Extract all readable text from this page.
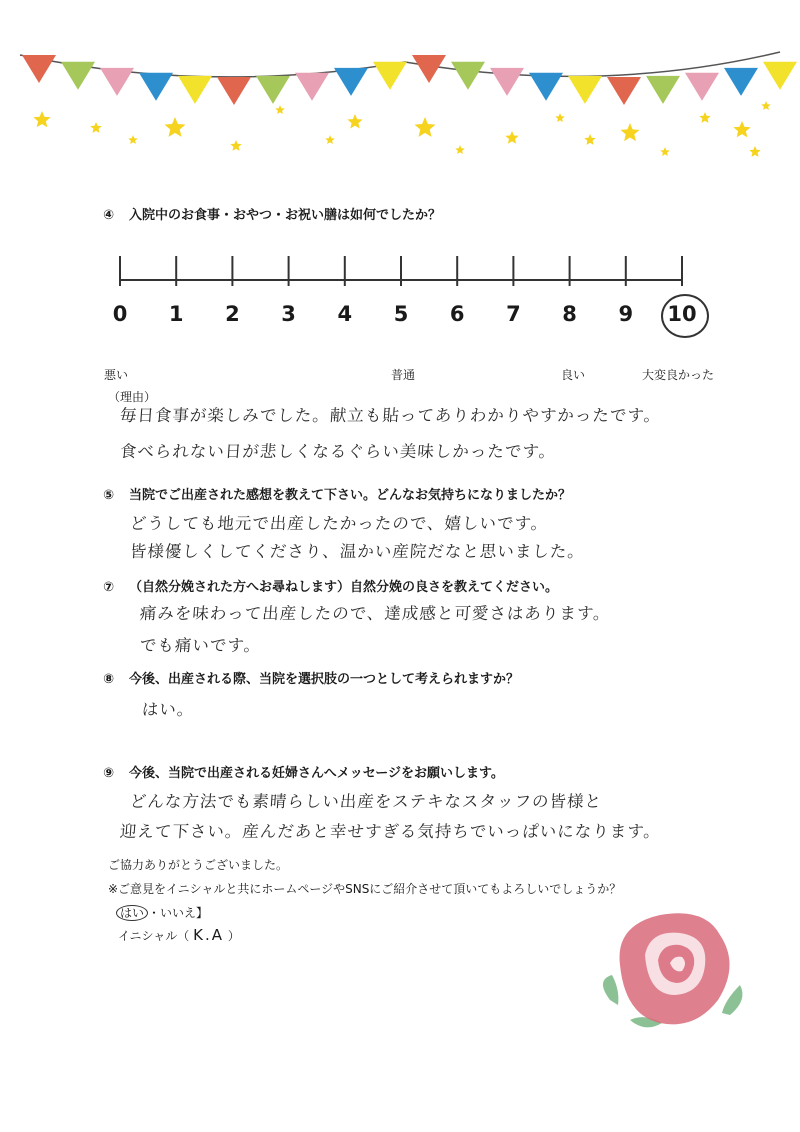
④ 入院中のお食事・おやつ・お祝い膳は如何でしたか？
0	1	2	3	4	5	6	7	8	9	10
悪い	普通	良い	大変良かった
（理由）
毎日食事が楽しみでした。献立も貼ってありわかりやすかったです。
食べられない日が悲しくなるぐらい美味しかったです。
⑤ 当院でご出産された感想を教えて下さい。どんなお気持ちになりましたか？
どうしても地元で出産したかったので、嬉しいです。
皆様優しくしてくださり、温かい産院だなと思いました。
⑦ （自然分娩された方へお尋ねします）自然分娩の良さを教えてください。
痛みを味わって出産したので、達成感と可愛さはあります。
でも痛いです。
⑧ 今後、出産される際、当院を選択肢の一つとして考えられますか？
はい。
⑨ 今後、当院で出産される妊婦さんへメッセージをお願いします。
どんな方法でも素晴らしい出産をステキなスタッフの皆様と
迎えて下さい。産んだあと幸せすぎる気持ちでいっぱいになります。
ご協力ありがとうございました。
※ご意見をイニシャルと共にホームページやSNSにご紹介させて頂いてもよろしいでしょうか？
はい ・いいえ】
イニシャル（ K.A ）
